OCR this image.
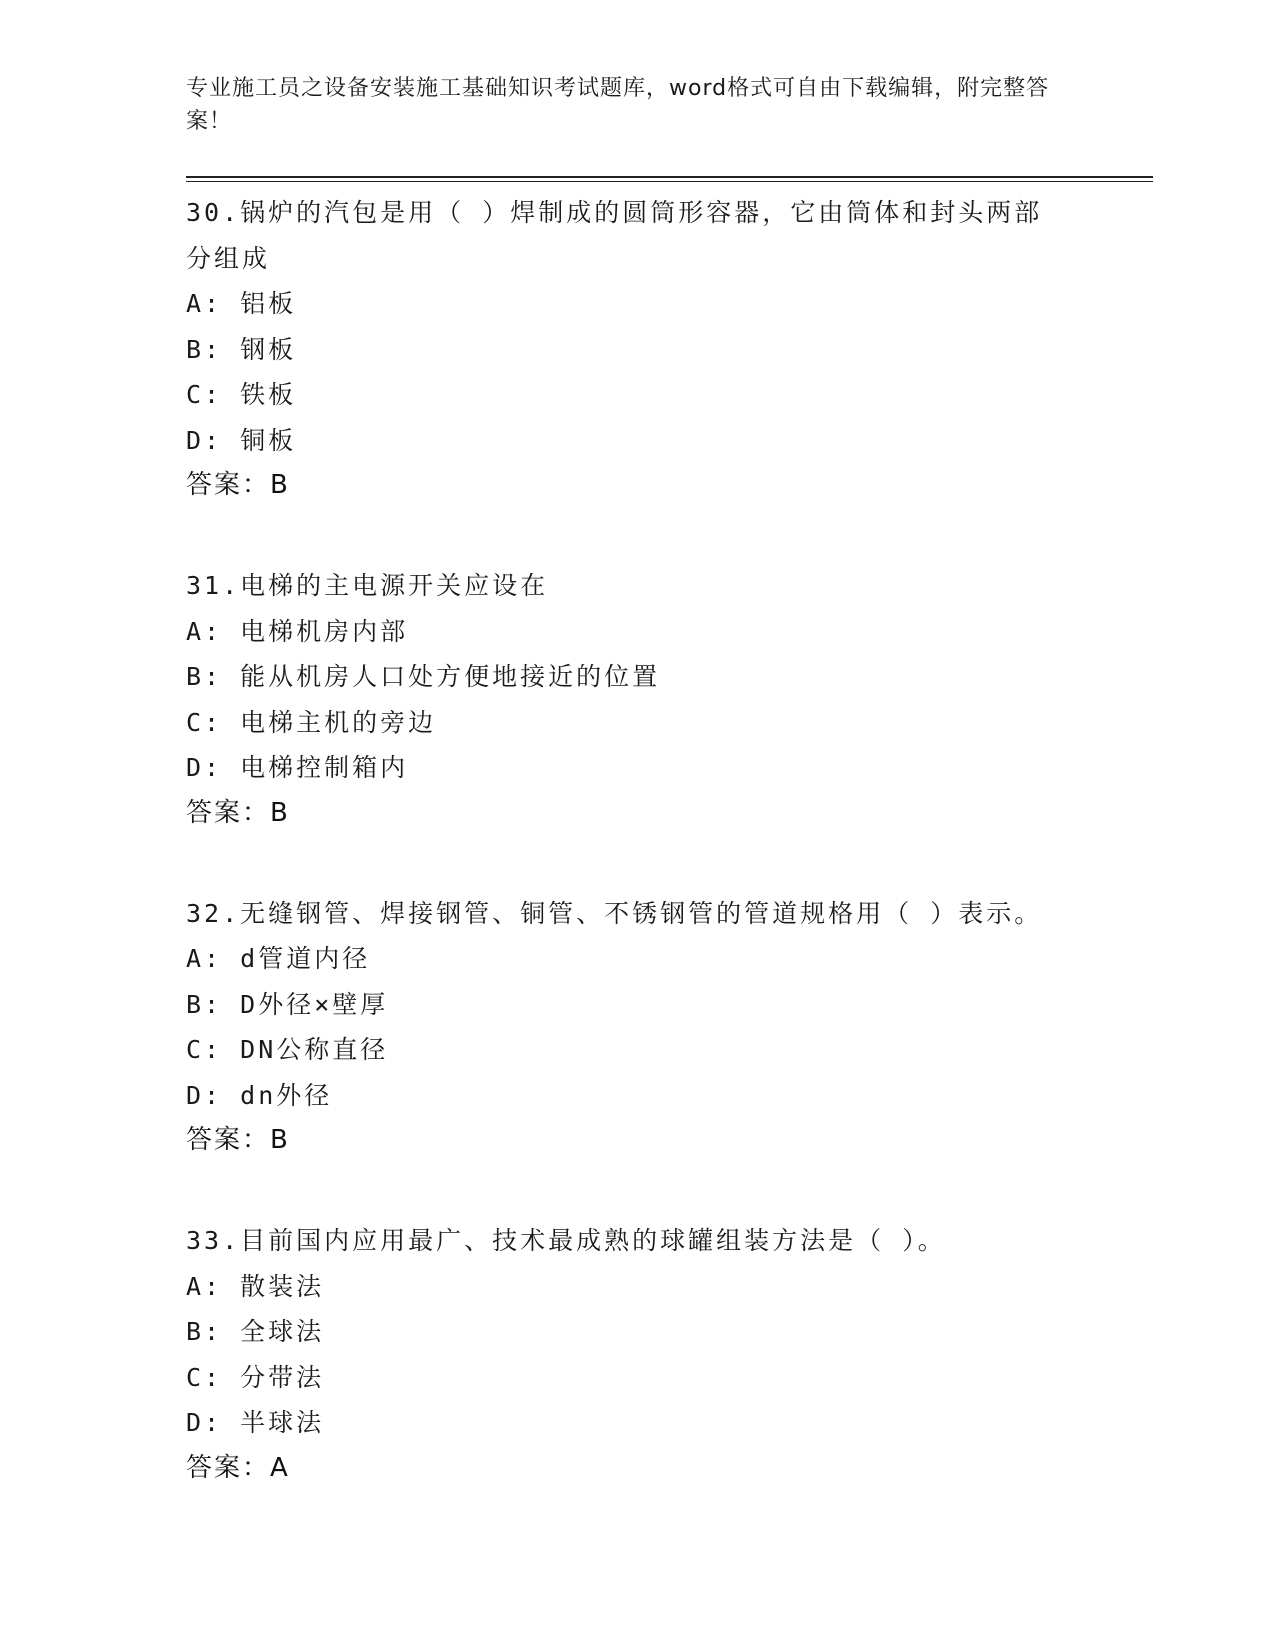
专业施工员之设备安装施工基础知识考试题库，word格式可自由下载编辑，附完整答案！
30.锅炉的汽包是用（ ）焊制成的圆筒形容器，它由筒体和封头两部分组成
A: 铝板
B: 钢板
C: 铁板
D: 铜板
答案：B
31.电梯的主电源开关应设在
A: 电梯机房内部
B: 能从机房人口处方便地接近的位置
C: 电梯主机的旁边
D: 电梯控制箱内
答案：B
32.无缝钢管、焊接钢管、铜管、不锈钢管的管道规格用（ ）表示。
A: d管道内径
B: D外径×壁厚
C: DN公称直径
D: dn外径
答案：B
33.目前国内应用最广、技术最成熟的球罐组装方法是（ ）。
A: 散装法
B: 全球法
C: 分带法
D: 半球法
答案：A
